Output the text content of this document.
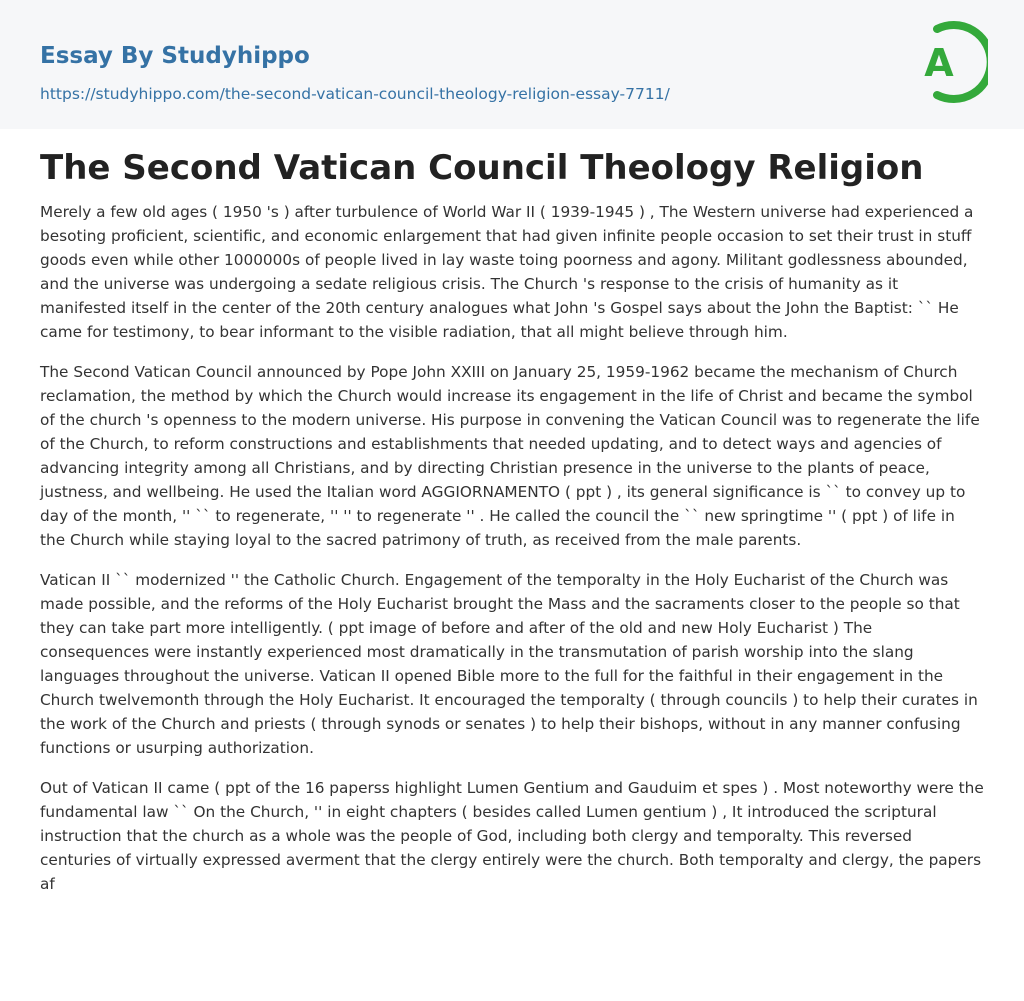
Essay By Studyhippo
https://studyhippo.com/the-second-vatican-council-theology-religion-essay-7711/
A
The Second Vatican Council Theology Religion

Merely a few old ages ( 1950 's ) after turbulence of World War II ( 1939-1945 ) , The Western universe had experienced a besoting proficient, scientific, and economic enlargement that had given infinite people occasion to set their trust in stuff goods even while other 1000000s of people lived in lay waste toing poorness and agony. Militant godlessness abounded, and the universe was undergoing a sedate religious crisis. The Church 's response to the crisis of humanity as it manifested itself in the center of the 20th century analogues what John 's Gospel says about the John the Baptist: `` He came for testimony, to bear informant to the visible radiation, that all might believe through him.

The Second Vatican Council announced by Pope John XXIII on January 25, 1959-1962 became the mechanism of Church reclamation, the method by which the Church would increase its engagement in the life of Christ and became the symbol of the church 's openness to the modern universe. His purpose in convening the Vatican Council was to regenerate the life of the Church, to reform constructions and establishments that needed updating, and to detect ways and agencies of advancing integrity among all Christians, and by directing Christian presence in the universe to the plants of peace, justness, and wellbeing. He used the Italian word AGGIORNAMENTO ( ppt ) , its general significance is `` to convey up to day of the month, '' `` to regenerate, '' '' to regenerate '' . He called the council the `` new springtime '' ( ppt ) of life in the Church while staying loyal to the sacred patrimony of truth, as received from the male parents.

Vatican II `` modernized '' the Catholic Church. Engagement of the temporalty in the Holy Eucharist of the Church was made possible, and the reforms of the Holy Eucharist brought the Mass and the sacraments closer to the people so that they can take part more intelligently. ( ppt image of before and after of the old and new Holy Eucharist ) The consequences were instantly experienced most dramatically in the transmutation of parish worship into the slang languages throughout the universe. Vatican II opened Bible more to the full for the faithful in their engagement in the Church twelvemonth through the Holy Eucharist. It encouraged the temporalty ( through councils ) to help their curates in the work of the Church and priests ( through synods or senates ) to help their bishops, without in any manner confusing functions or usurping authorization.

Out of Vatican II came ( ppt of the 16 paperss highlight Lumen Gentium and Gauduim et spes ) . Most noteworthy were the fundamental law `` On the Church, '' in eight chapters ( besides called Lumen gentium ) , It introduced the scriptural instruction that the church as a whole was the people of God, including both clergy and temporalty. This reversed centuries of virtually expressed averment that the clergy entirely were the church. Both temporalty and clergy, the papers af
